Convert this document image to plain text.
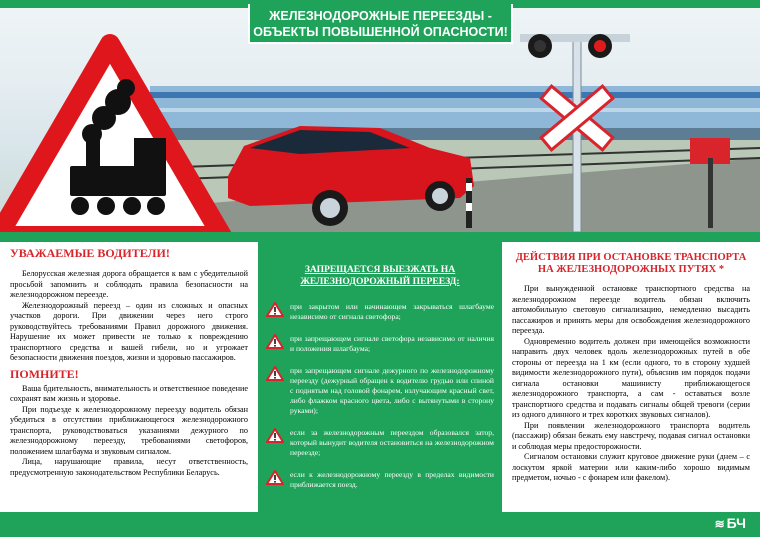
ЖЕЛЕЗНОДОРОЖНЫЕ ПЕРЕЕЗДЫ -
ОБЪЕКТЫ ПОВЫШЕННОЙ ОПАСНОСТИ!
УВАЖАЕМЫЕ ВОДИТЕЛИ!

Белорусская железная дорога обращается к вам с убедительной просьбой запомнить и соблюдать правила безопасности на железнодорожном переезде.

Железнодорожный переезд – один из сложных и опасных участков дороги. При движении через него строго руководствуйтесь требованиями Правил дорожного движения. Нарушение их может привести не только к повреждению транспортного средства и вашей гибели, но и угрожает безопасности движения поездов, жизни и здоровью пассажиров.

ПОМНИТЕ!

Ваша бдительность, внимательность и ответственное поведение сохранят вам жизнь и здоровье.

При подъезде к железнодорожному переезду водитель обязан убедиться в отсутствии приближающегося железнодорожного транспорта, руководствоваться указаниями дежурного по железнодорожному переезду, требованиями светофоров, положением шлагбаума и звуковым сигналом.

Лица, нарушающие правила, несут ответственность, предусмотренную законодательством Республики Беларусь.

ЗАПРЕЩАЕТСЯ ВЫЕЗЖАТЬ НА ЖЕЛЕЗНОДОРОЖНЫЙ ПЕРЕЕЗД:
при закрытом или начинающем закрываться шлагбауме независимо от сигнала светофора;
при запрещающем сигнале светофора независимо от наличия и положения шлагбаума;
при запрещающем сигнале дежурного по железнодорожному переезду (дежурный обращен к водителю грудью или спиной с поднятым над головой фонарем, излучающим красный свет, либо флажком красного цвета, либо с вытянутыми в сторону руками);
если за железнодорожным переездом образовался затор, который вынудит водителя остановиться на железнодорожном переезде;
если к железнодорожному переезду в пределах видимости приближается поезд.
ДЕЙСТВИЯ ПРИ ОСТАНОВКЕ ТРАНСПОРТА НА ЖЕЛЕЗНОДОРОЖНЫХ ПУТЯХ *

При вынужденной остановке транспортного средства на железнодорожном переезде водитель обязан включить автомобильную световую сигнализацию, немедленно высадить пассажиров и принять меры для освобождения железнодорожного переезда.

Одновременно водитель должен при имеющейся возможности направить двух человек вдоль железнодорожных путей в обе стороны от переезда на 1 км (если одного, то в сторону худшей видимости железнодорожного пути), объяснив им порядок подачи сигнала остановки машинисту приближающегося железнодорожного транспорта, а сам - оставаться возле транспортного средства и подавать сигналы общей тревоги (серии из одного длинного и трех коротких звуковых сигналов).

При появлении железнодорожного транспорта водитель (пассажир) обязан бежать ему навстречу, подавая сигнал остановки и соблюдая меры предосторожности.

Сигналом остановки служит круговое движение руки (днем – с лоскутом яркой материи или каким-либо хорошо видимым предметом, ночью - с фонарем или факелом).

≋ БЧ
